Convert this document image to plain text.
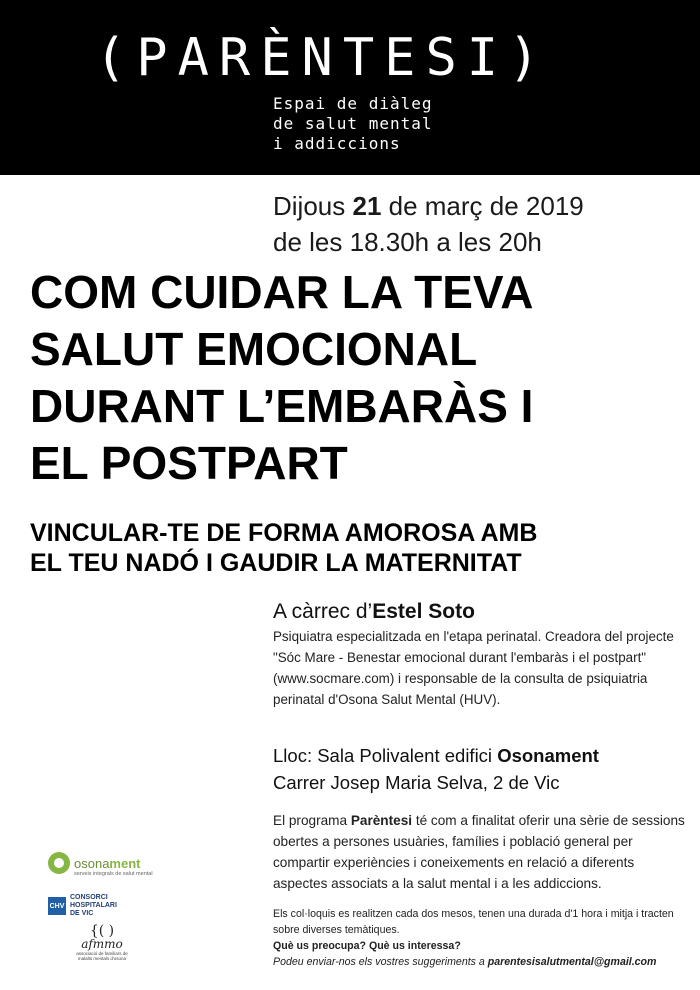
(PARЀNTESI)
Espai de diàleg
de salut mental
i addiccions
Dijous 21 de març de 2019
de les 18.30h a les 20h
COM CUIDAR LA TEVA
SALUT EMOCIONAL
DURANT L’EMBARÀS I
EL POSTPART
VINCULAR-TE DE FORMA AMOROSA AMB
EL TEU NADÓ I GAUDIR LA MATERNITAT
A càrrec d’Estel Soto
Psiquiatra especialitzada en l'etapa perinatal. Creadora del projecte "Sóc Mare - Benestar emocional durant l'embaràs i el postpart" (www.socmare.com) i responsable de la consulta de psiquiatria perinatal d'Osona Salut Mental (HUV).
Lloc: Sala Polivalent edifici Osonament
Carrer Josep Maria Selva, 2 de Vic
El programa Parèntesi té com a finalitat oferir una sèrie de sessions obertes a persones usuàries, famílies i població general per compartir experiències i coneixements en relació a diferents aspectes associats a la salut mental i a les addiccions.
Els col·loquis es realitzen cada dos mesos, tenen una durada d'1 hora i mitja i tracten sobre diverses temàtiques.
Què us preocupa? Què us interessa?
Podeu enviar-nos els vostres suggeriments a parentesisalutmental@gmail.com
osonament
serveis integrals de salut mental
CHV
CONSORCI
HOSPITALARI
DE VIC
{( )
afmmo
associació de familiars de malalts mentals d'osona
